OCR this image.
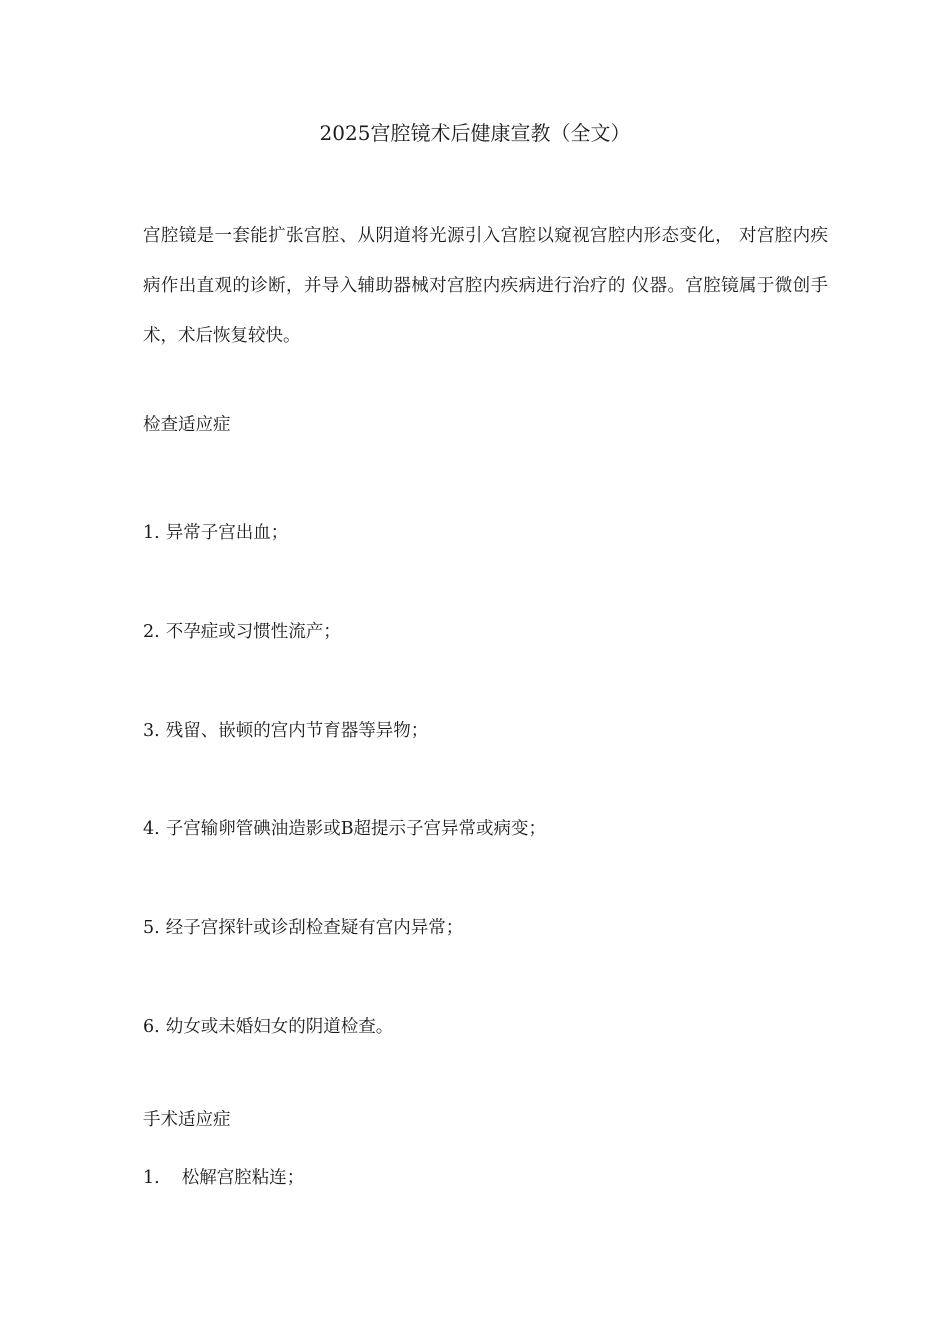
2025宫腔镜术后健康宣教（全文）

宫腔镜是一套能扩张宫腔、从阴道将光源引入宫腔以窥视宫腔内形态变化， 对宫腔内疾病作出直观的诊断，并导入辅助器械对宫腔内疾病进行治疗的 仪器。宫腔镜属于微创手术，术后恢复较快。

检查适应症

1. 异常子宫出血；

2. 不孕症或习惯性流产；

3. 残留、嵌顿的宫内节育器等异物；

4. 子宫输卵管碘油造影或B超提示子宫异常或病变；

5. 经子宫探针或诊刮检查疑有宫内异常；

6. 幼女或未婚妇女的阴道检查。

手术适应症

1. 松解宫腔粘连；
